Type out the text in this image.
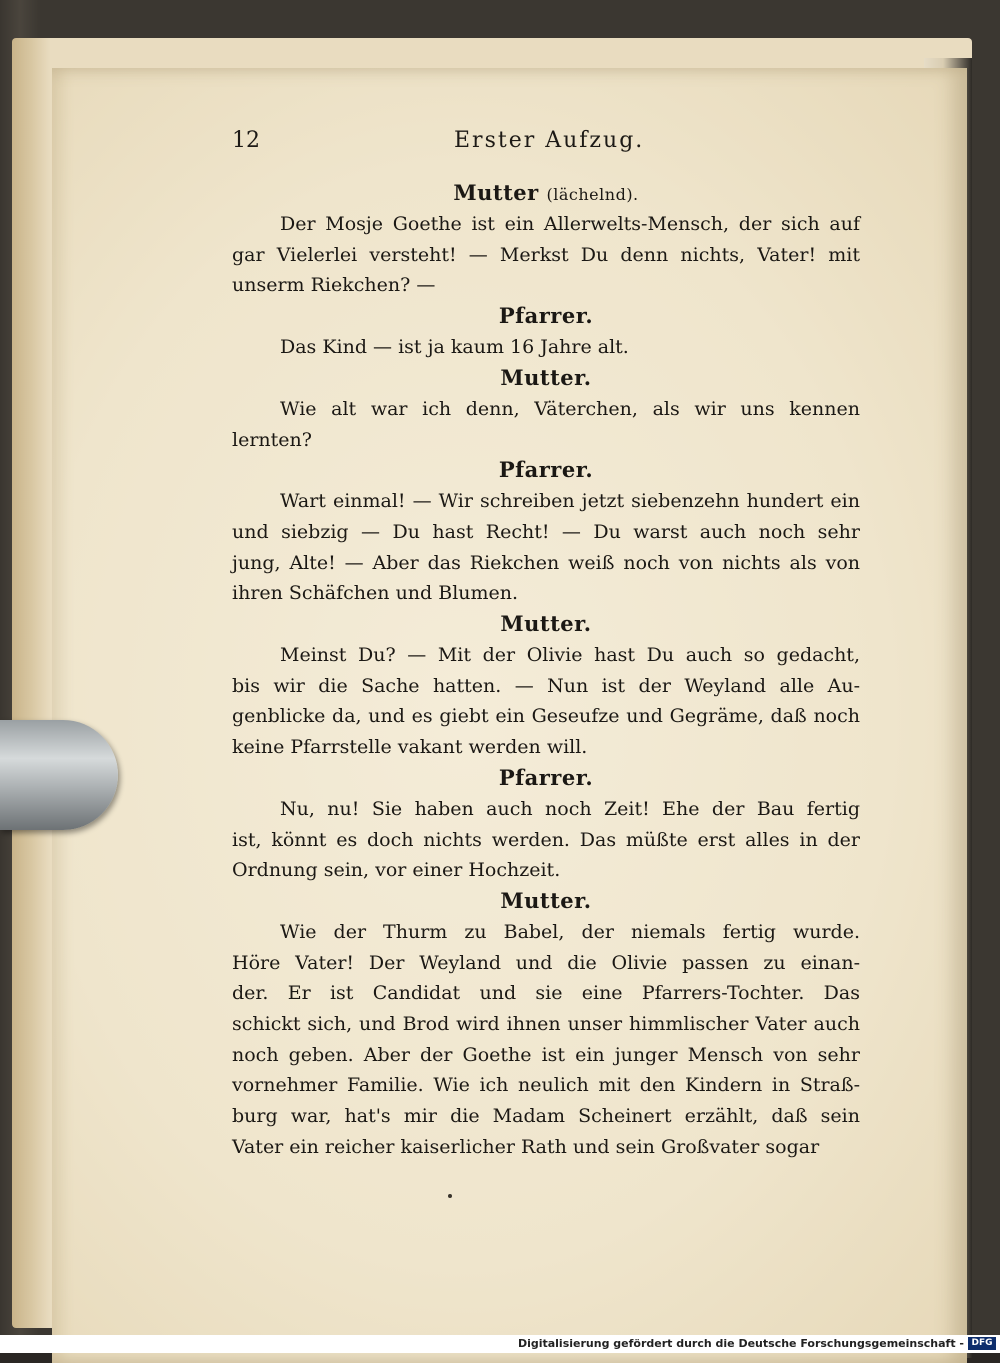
12	Erster Aufzug.

Mutter (lächelnd).

Der Mosje Goethe ist ein Allerwelts-Mensch, der sich auf
gar Vielerlei versteht! — Merkst Du denn nichts, Vater! mit
unserm Riekchen? —

Pfarrer.

Das Kind — ist ja kaum 16 Jahre alt.

Mutter.

Wie alt war ich denn, Väterchen, als wir uns kennen
lernten?

Pfarrer.

Wart einmal! — Wir schreiben jetzt siebenzehn hundert ein
und siebzig — Du hast Recht! — Du warst auch noch sehr
jung, Alte! — Aber das Riekchen weiß noch von nichts als von
ihren Schäfchen und Blumen.

Mutter.

Meinst Du? — Mit der Olivie hast Du auch so gedacht,
bis wir die Sache hatten. — Nun ist der Weyland alle Au-
genblicke da, und es giebt ein Geseufze und Gegräme, daß noch
keine Pfarrstelle vakant werden will.

Pfarrer.

Nu, nu! Sie haben auch noch Zeit! Ehe der Bau fertig
ist, könnt es doch nichts werden. Das müßte erst alles in der
Ordnung sein, vor einer Hochzeit.

Mutter.

Wie der Thurm zu Babel, der niemals fertig wurde.
Höre Vater! Der Weyland und die Olivie passen zu einan-
der. Er ist Candidat und sie eine Pfarrers-Tochter. Das
schickt sich, und Brod wird ihnen unser himmlischer Vater auch
noch geben. Aber der Goethe ist ein junger Mensch von sehr
vornehmer Familie. Wie ich neulich mit den Kindern in Straß-
burg war, hat's mir die Madam Scheinert erzählt, daß sein
Vater ein reicher kaiserlicher Rath und sein Großvater sogar

Digitalisierung gefördert durch die Deutsche Forschungsgemeinschaft - DFG
